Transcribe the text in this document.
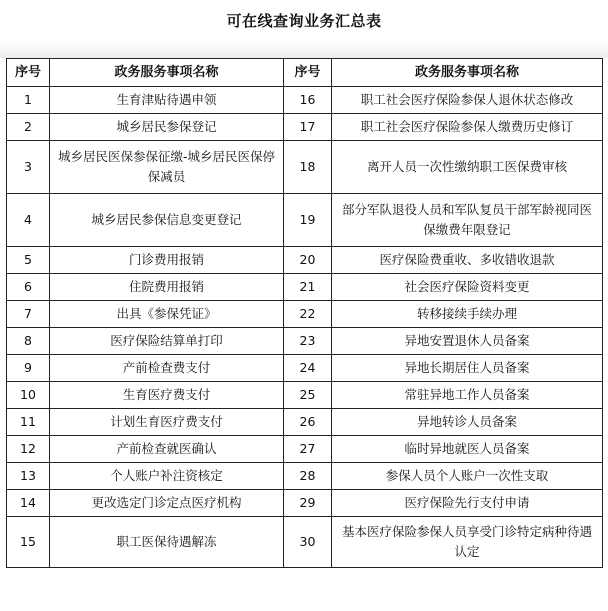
可在线查询业务汇总表
序号	政务服务事项名称	序号	政务服务事项名称
1	生育津贴待遇申领	16	职工社会医疗保险参保人退休状态修改
2	城乡居民参保登记	17	职工社会医疗保险参保人缴费历史修订
3	城乡居民医保参保征缴-城乡居民医保停保减员	18	离开人员一次性缴纳职工医保费审核
4	城乡居民参保信息变更登记	19	部分军队退役人员和军队复员干部军龄视同医保缴费年限登记
5	门诊费用报销	20	医疗保险费重收、多收错收退款
6	住院费用报销	21	社会医疗保险资料变更
7	出具《参保凭证》	22	转移接续手续办理
8	医疗保险结算单打印	23	异地安置退休人员备案
9	产前检查费支付	24	异地长期居住人员备案
10	生育医疗费支付	25	常驻异地工作人员备案
11	计划生育医疗费支付	26	异地转诊人员备案
12	产前检查就医确认	27	临时异地就医人员备案
13	个人账户补注资核定	28	参保人员个人账户一次性支取
14	更改选定门诊定点医疗机构	29	医疗保险先行支付申请
15	职工医保待遇解冻	30	基本医疗保险参保人员享受门诊特定病种待遇认定
